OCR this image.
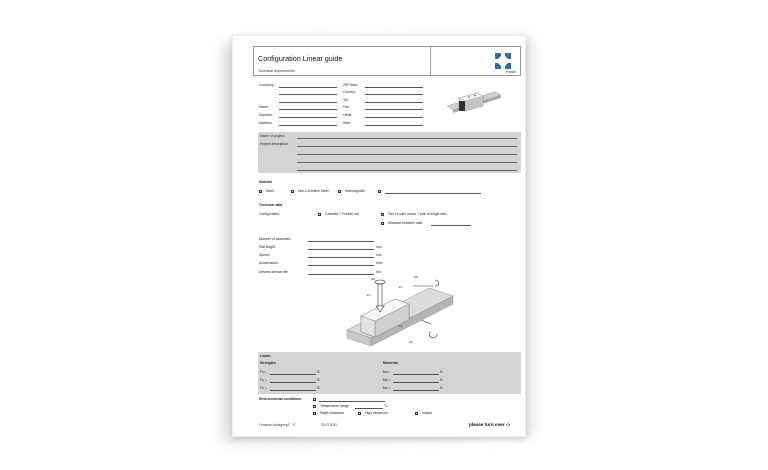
Configuration Linear guide
Technical requirements	Franke
Company:	ZIP/Town:
Country:
Tel.:
Name:	Fax:
Departm.:	eMail:
Address:	Web:
Name of project:
Project description:
Material
Steel	Non-Corrosive Steel	Nonmagnetic
Technical data
Configuration:	Cassette + Double rail	Pair of roller shoes + pair of single rails
Distance between rails
Number of cassettes:
Rail length:	mm
Speed:	m/s
Acceleration:	m/s²
Desired service life:	km
Mz
Fz
Fx
Mx
Fy
My
Loads:
Strengths	Moments
Fx=	N
Fy =	N
Fz =	N
Mx=	N
My =	N
Mz =	N
Environmental conditions:
Temperature range:	°C
Slight vibrations	High vibrations	Impact
Formular Auslegung F - E	20.02.2020	please turn over ->
